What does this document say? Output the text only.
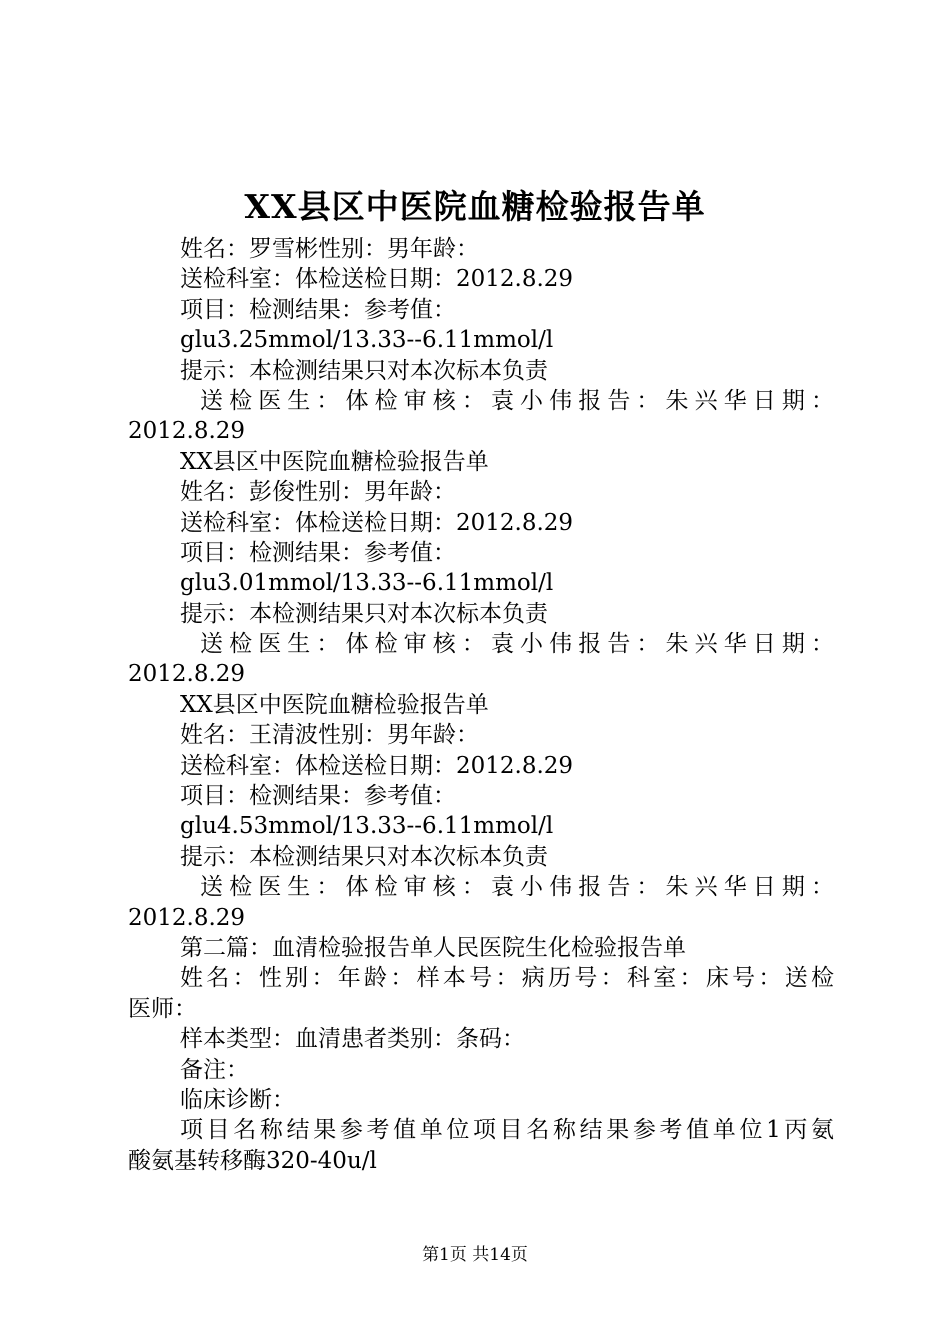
XX县区中医院血糖检验报告单
姓名：罗雪彬性别：男年龄：
送检科室：体检送检日期：2012.8.29
项目：检测结果：参考值：
glu3.25mmol/13.33--6.11mmol/l
提示：本检测结果只对本次标本负责
送检医生：体检审核：袁小伟报告：朱兴华日期：
2012.8.29
XX县区中医院血糖检验报告单
姓名：彭俊性别：男年龄：
送检科室：体检送检日期：2012.8.29
项目：检测结果：参考值：
glu3.01mmol/13.33--6.11mmol/l
提示：本检测结果只对本次标本负责
送检医生：体检审核：袁小伟报告：朱兴华日期：
2012.8.29
XX县区中医院血糖检验报告单
姓名：王清波性别：男年龄：
送检科室：体检送检日期：2012.8.29
项目：检测结果：参考值：
glu4.53mmol/13.33--6.11mmol/l
提示：本检测结果只对本次标本负责
送检医生：体检审核：袁小伟报告：朱兴华日期：
2012.8.29
第二篇：血清检验报告单人民医院生化检验报告单
姓名：性别：年龄：样本号：病历号：科室：床号：送检
医师：
样本类型：血清患者类别：条码：
备注：
临床诊断：
项目名称结果参考值单位项目名称结果参考值单位1丙氨
酸氨基转移酶320-40u/l
第1页 共14页
